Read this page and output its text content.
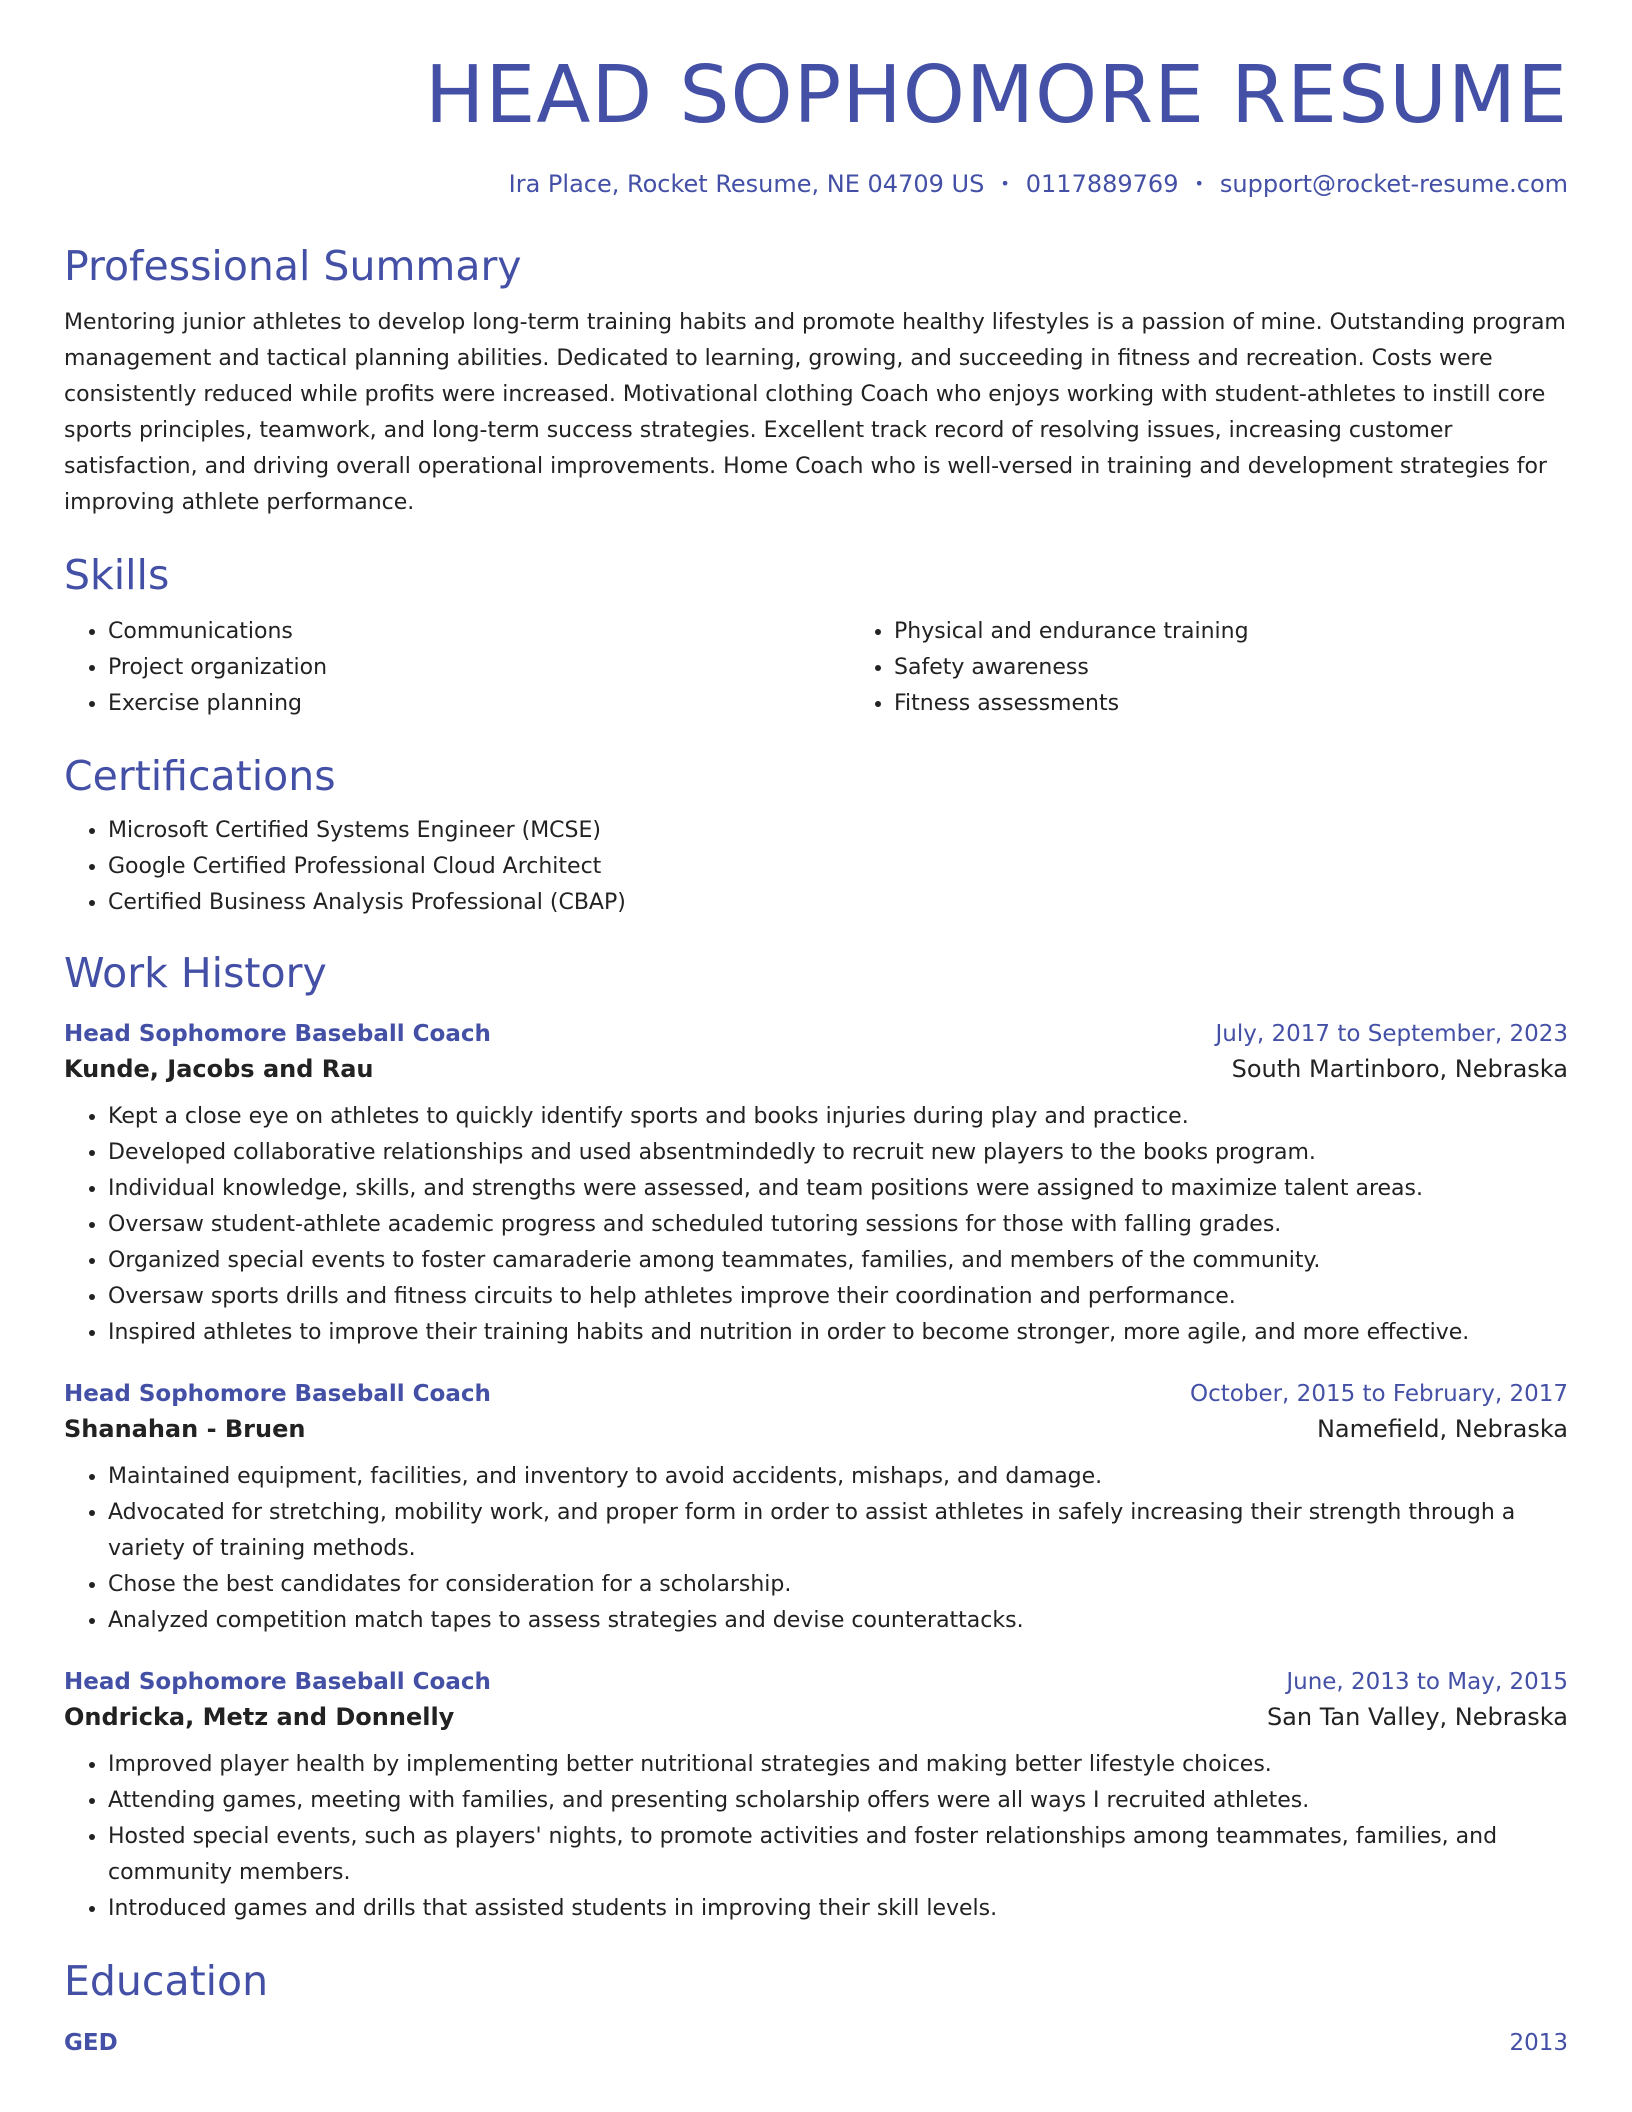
HEAD SOPHOMORE RESUME
Ira Place, Rocket Resume, NE 04709 US • 0117889769 • support@rocket-resume.com
Professional Summary
Mentoring junior athletes to develop long-term training habits and promote healthy lifestyles is a passion of mine. Outstanding program management and tactical planning abilities. Dedicated to learning, growing, and succeeding in fitness and recreation. Costs were consistently reduced while profits were increased. Motivational clothing Coach who enjoys working with student-athletes to instill core sports principles, teamwork, and long-term success strategies. Excellent track record of resolving issues, increasing customer satisfaction, and driving overall operational improvements. Home Coach who is well-versed in training and development strategies for improving athlete performance.
Skills
• Communications
• Project organization
• Exercise planning
• Physical and endurance training
• Safety awareness
• Fitness assessments
Certifications
• Microsoft Certified Systems Engineer (MCSE)
• Google Certified Professional Cloud Architect
• Certified Business Analysis Professional (CBAP)
Work History
Head Sophomore Baseball Coach	July, 2017 to September, 2023
Kunde, Jacobs and Rau	South Martinboro, Nebraska
• Kept a close eye on athletes to quickly identify sports and books injuries during play and practice.
• Developed collaborative relationships and used absentmindedly to recruit new players to the books program.
• Individual knowledge, skills, and strengths were assessed, and team positions were assigned to maximize talent areas.
• Oversaw student-athlete academic progress and scheduled tutoring sessions for those with falling grades.
• Organized special events to foster camaraderie among teammates, families, and members of the community.
• Oversaw sports drills and fitness circuits to help athletes improve their coordination and performance.
• Inspired athletes to improve their training habits and nutrition in order to become stronger, more agile, and more effective.
Head Sophomore Baseball Coach	October, 2015 to February, 2017
Shanahan - Bruen	Namefield, Nebraska
• Maintained equipment, facilities, and inventory to avoid accidents, mishaps, and damage.
• Advocated for stretching, mobility work, and proper form in order to assist athletes in safely increasing their strength through a variety of training methods.
• Chose the best candidates for consideration for a scholarship.
• Analyzed competition match tapes to assess strategies and devise counterattacks.
Head Sophomore Baseball Coach	June, 2013 to May, 2015
Ondricka, Metz and Donnelly	San Tan Valley, Nebraska
• Improved player health by implementing better nutritional strategies and making better lifestyle choices.
• Attending games, meeting with families, and presenting scholarship offers were all ways I recruited athletes.
• Hosted special events, such as players' nights, to promote activities and foster relationships among teammates, families, and community members.
• Introduced games and drills that assisted students in improving their skill levels.
Education
GED	2013
